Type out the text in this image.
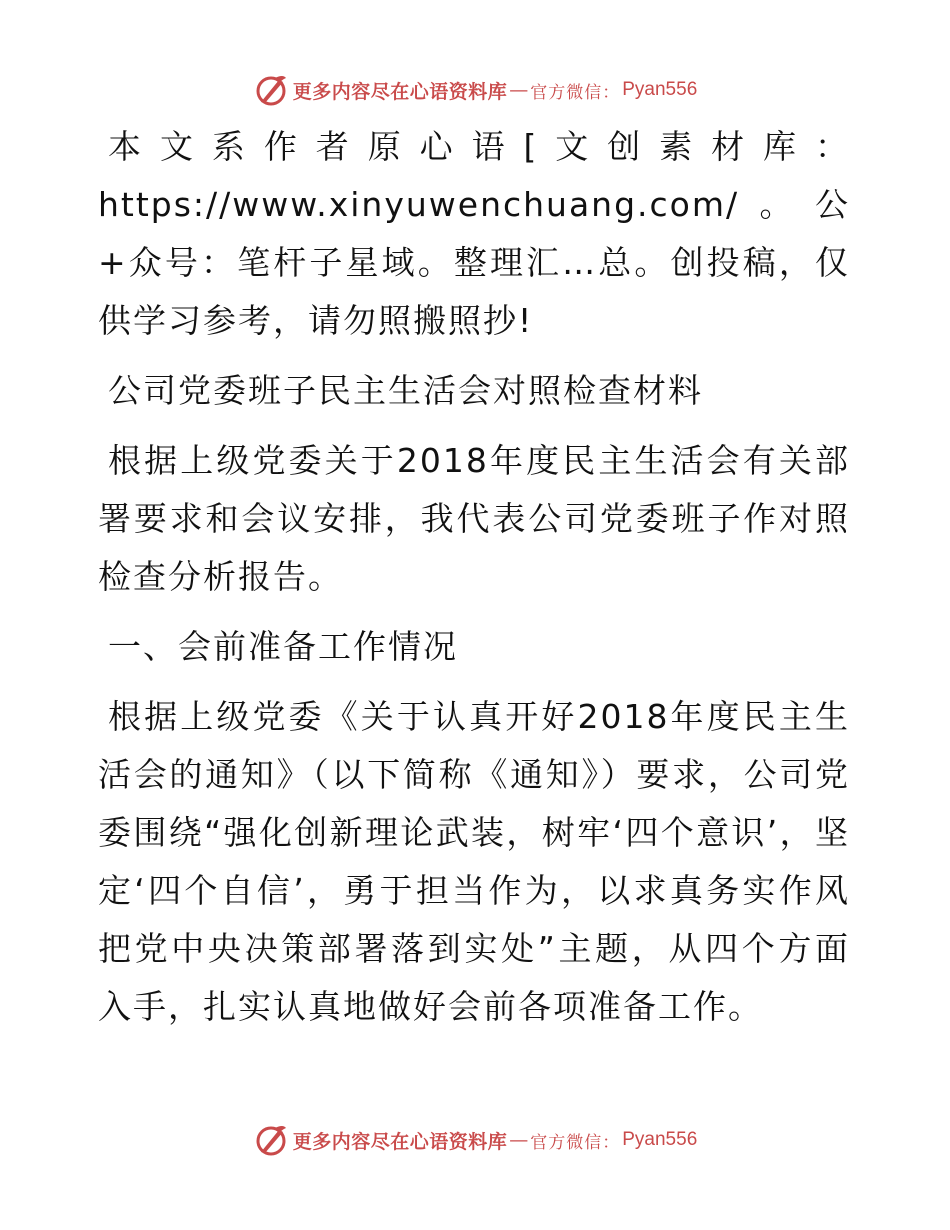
更多内容尽在心语资料库 — 官方微信： Pyan556

本文系作者原心语[文创素材库：https://www.xinyuwenchuang.com/。公+众号：笔杆子星域。整理汇…总。创投稿，仅供学习参考，请勿照搬照抄!

公司党委班子民主生活会对照检查材料

根据上级党委关于2018年度民主生活会有关部署要求和会议安排，我代表公司党委班子作对照检查分析报告。

一、会前准备工作情况

根据上级党委《关于认真开好2018年度民主生活会的通知》（以下简称《通知》）要求，公司党委围绕“强化创新理论武装，树牢‘四个意识’，坚定‘四个自信’，勇于担当作为，以求真务实作风把党中央决策部署落到实处”主题，从四个方面入手，扎实认真地做好会前各项准备工作。

更多内容尽在心语资料库 — 官方微信： Pyan556
